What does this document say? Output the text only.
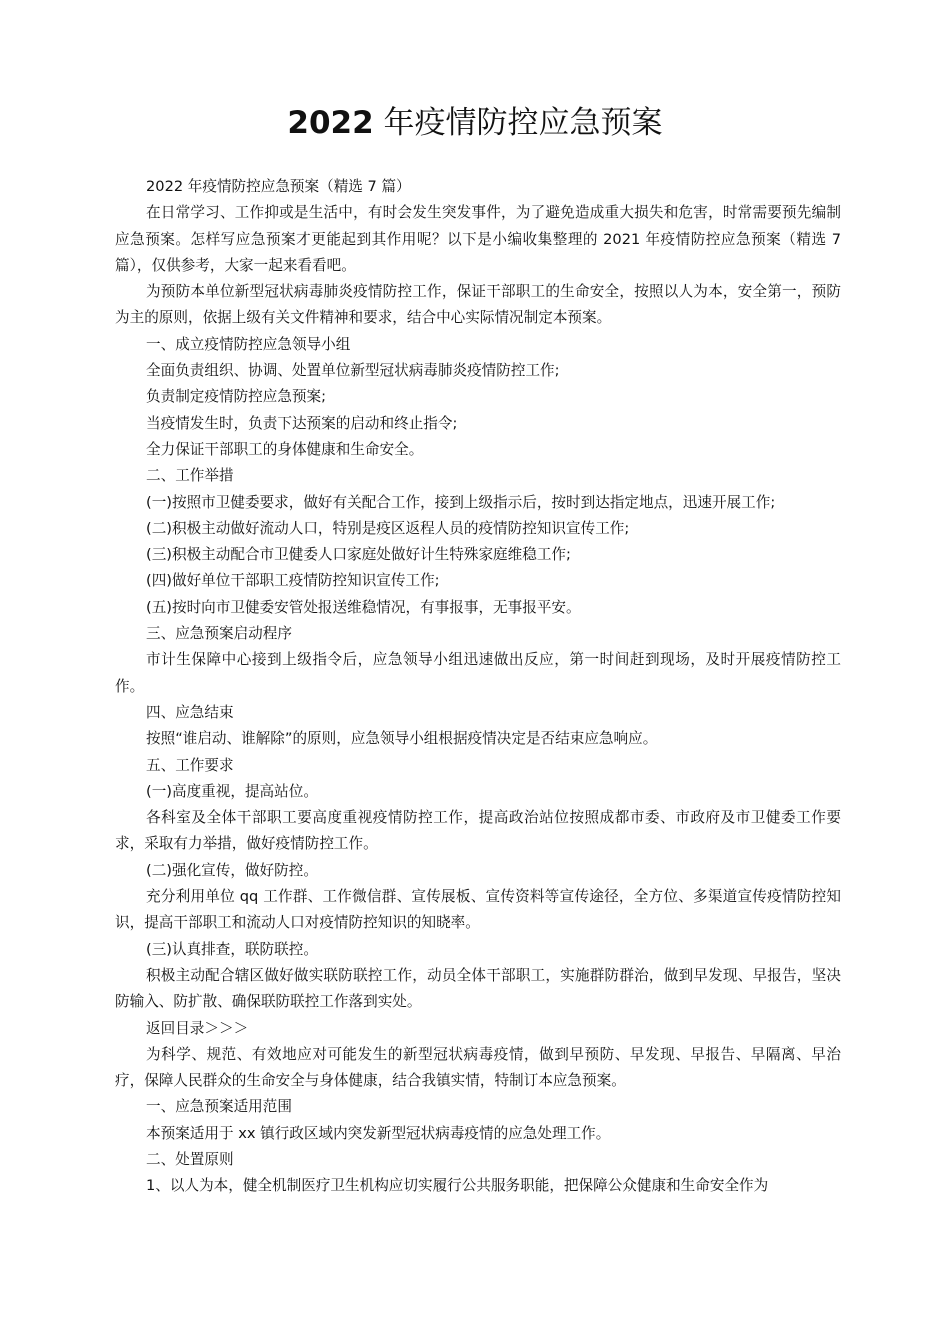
2022 年疫情防控应急预案

2022 年疫情防控应急预案（精选 7 篇）

在日常学习、工作抑或是生活中，有时会发生突发事件，为了避免造成重大损失和危害，时常需要预先编制应急预案。怎样写应急预案才更能起到其作用呢？以下是小编收集整理的 2021 年疫情防控应急预案（精选 7 篇），仅供参考，大家一起来看看吧。

为预防本单位新型冠状病毒肺炎疫情防控工作，保证干部职工的生命安全，按照以人为本，安全第一，预防为主的原则，依据上级有关文件精神和要求，结合中心实际情况制定本预案。

一、成立疫情防控应急领导小组

全面负责组织、协调、处置单位新型冠状病毒肺炎疫情防控工作;

负责制定疫情防控应急预案;

当疫情发生时，负责下达预案的启动和终止指令;

全力保证干部职工的身体健康和生命安全。

二、工作举措

(一)按照市卫健委要求，做好有关配合工作，接到上级指示后，按时到达指定地点，迅速开展工作;

(二)积极主动做好流动人口，特别是疫区返程人员的疫情防控知识宣传工作;

(三)积极主动配合市卫健委人口家庭处做好计生特殊家庭维稳工作;

(四)做好单位干部职工疫情防控知识宣传工作;

(五)按时向市卫健委安管处报送维稳情况，有事报事，无事报平安。

三、应急预案启动程序

市计生保障中心接到上级指令后，应急领导小组迅速做出反应，第一时间赶到现场，及时开展疫情防控工作。

四、应急结束

按照“谁启动、谁解除”的原则，应急领导小组根据疫情决定是否结束应急响应。

五、工作要求

(一)高度重视，提高站位。

各科室及全体干部职工要高度重视疫情防控工作，提高政治站位按照成都市委、市政府及市卫健委工作要求，采取有力举措，做好疫情防控工作。

(二)强化宣传，做好防控。

充分利用单位 qq 工作群、工作微信群、宣传展板、宣传资料等宣传途径，全方位、多渠道宣传疫情防控知识，提高干部职工和流动人口对疫情防控知识的知晓率。

(三)认真排查，联防联控。

积极主动配合辖区做好做实联防联控工作，动员全体干部职工，实施群防群治，做到早发现、早报告，坚决防输入、防扩散、确保联防联控工作落到实处。

返回目录＞＞＞

为科学、规范、有效地应对可能发生的新型冠状病毒疫情，做到早预防、早发现、早报告、早隔离、早治疗，保障人民群众的生命安全与身体健康，结合我镇实情，特制订本应急预案。

一、应急预案适用范围

本预案适用于 xx 镇行政区域内突发新型冠状病毒疫情的应急处理工作。

二、处置原则

1、以人为本，健全机制医疗卫生机构应切实履行公共服务职能，把保障公众健康和生命安全作为
